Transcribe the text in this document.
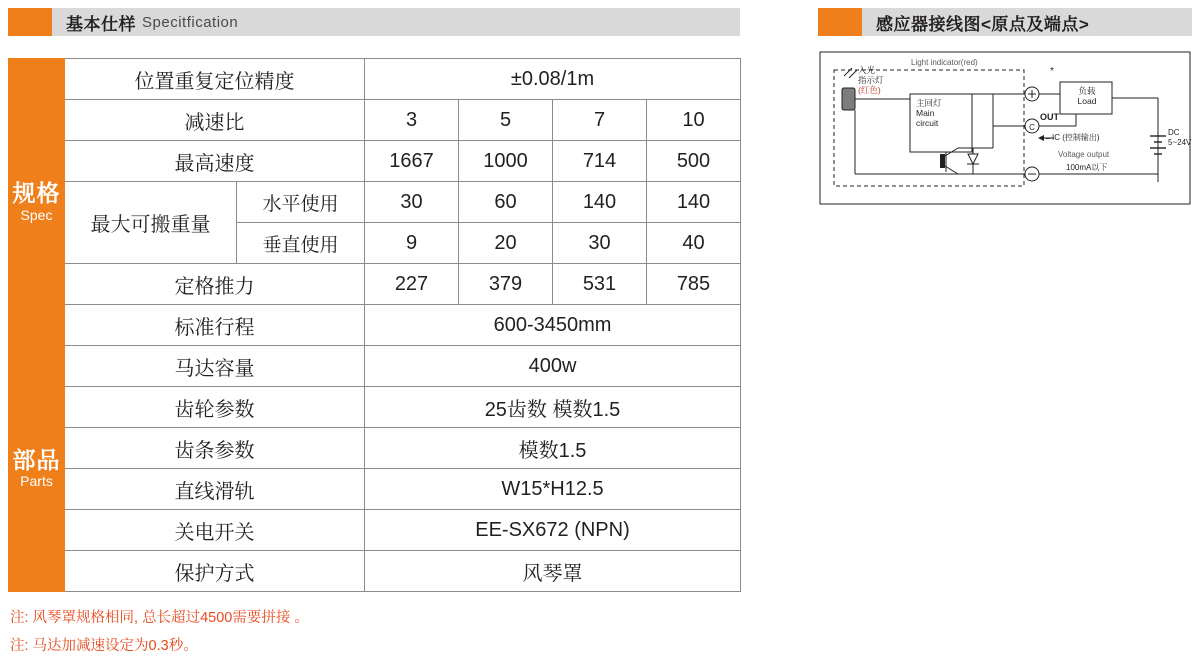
基本仕样 Specitfication	感应器接线图<原点及端点>
规格
Spec	位置重复定位精度		±0.08/1m			
	减速比		3	5	7	10
	最高速度		1667	1000	714	500
	最大可搬重量	水平使用	30	60	140	140
		垂直使用	9	20	30	40
	定格推力		227	379	531	785
	标准行程		600-3450mm			
部品
Parts	马达容量		400w			
	齿轮参数		25齿数 模数1.5			
	齿条参数		模数1.5			
	直线滑轨		W15*H12.5			
	关电开关		EE-SX672 (NPN)			
	保护方式		风琴罩			
注: 风琴罩规格相同, 总长超过4500需要拼接 。
注: 马达加减速设定为0.3秒。
C
*
入光
指示灯
(红色)
Light indicator(red)
主回灯
Main
circuit
负载
Load
OUT
←IC (控制输出)
Voltage output
100mA以下
DC
5~24V
